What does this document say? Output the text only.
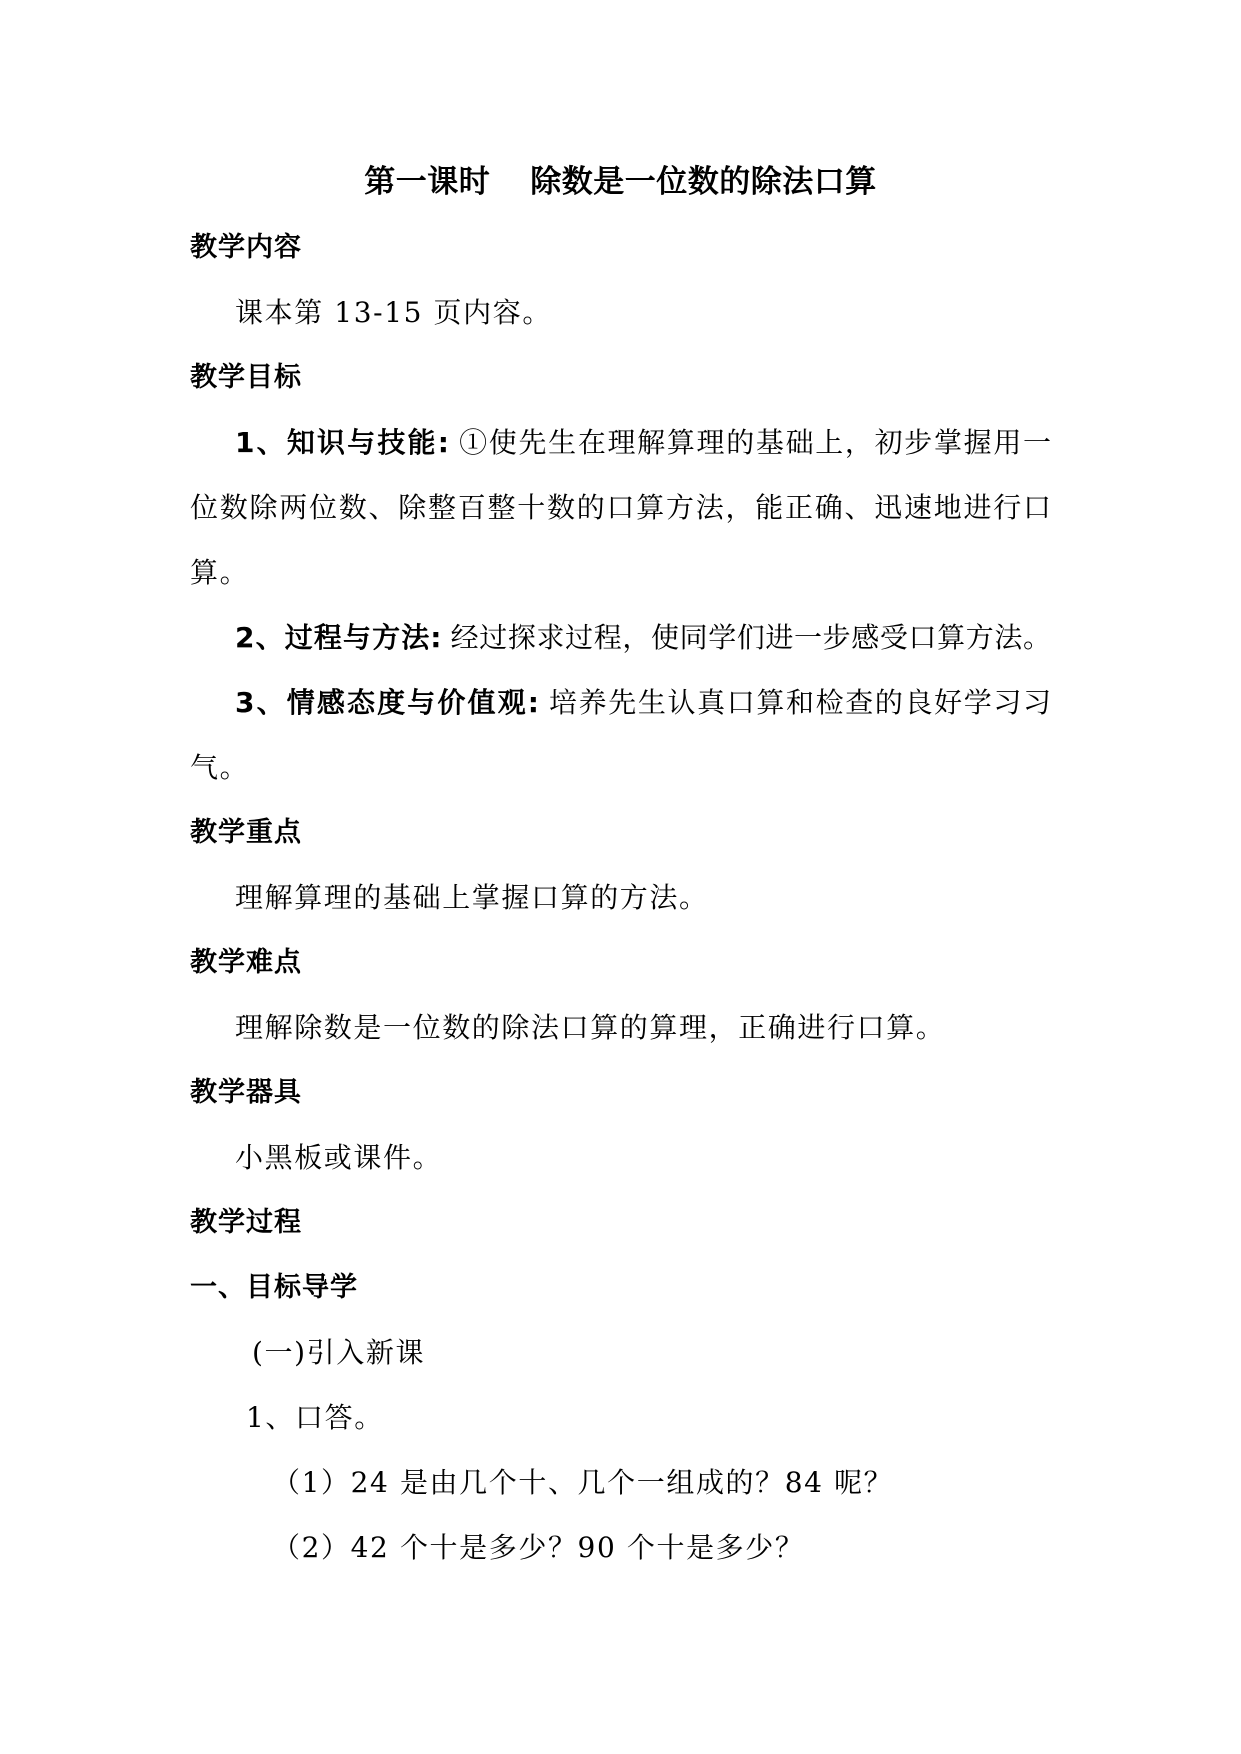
第一课时 除数是一位数的除法口算
教学内容
课本第 13-15 页内容。
教学目标
1、知识与技能: ①使先生在理解算理的基础上，初步掌握用一
位数除两位数、除整百整十数的口算方法，能正确、迅速地进行口
算。
2、过程与方法: 经过探求过程，使同学们进一步感受口算方法。
3、情感态度与价值观: 培养先生认真口算和检查的良好学习习
气。
教学重点
理解算理的基础上掌握口算的方法。
教学难点
理解除数是一位数的除法口算的算理，正确进行口算。
教学器具
小黑板或课件。
教学过程
一、目标导学
(一)引入新课
1、口答。
（1）24 是由几个十、几个一组成的？84 呢？
（2）42 个十是多少？90 个十是多少？
